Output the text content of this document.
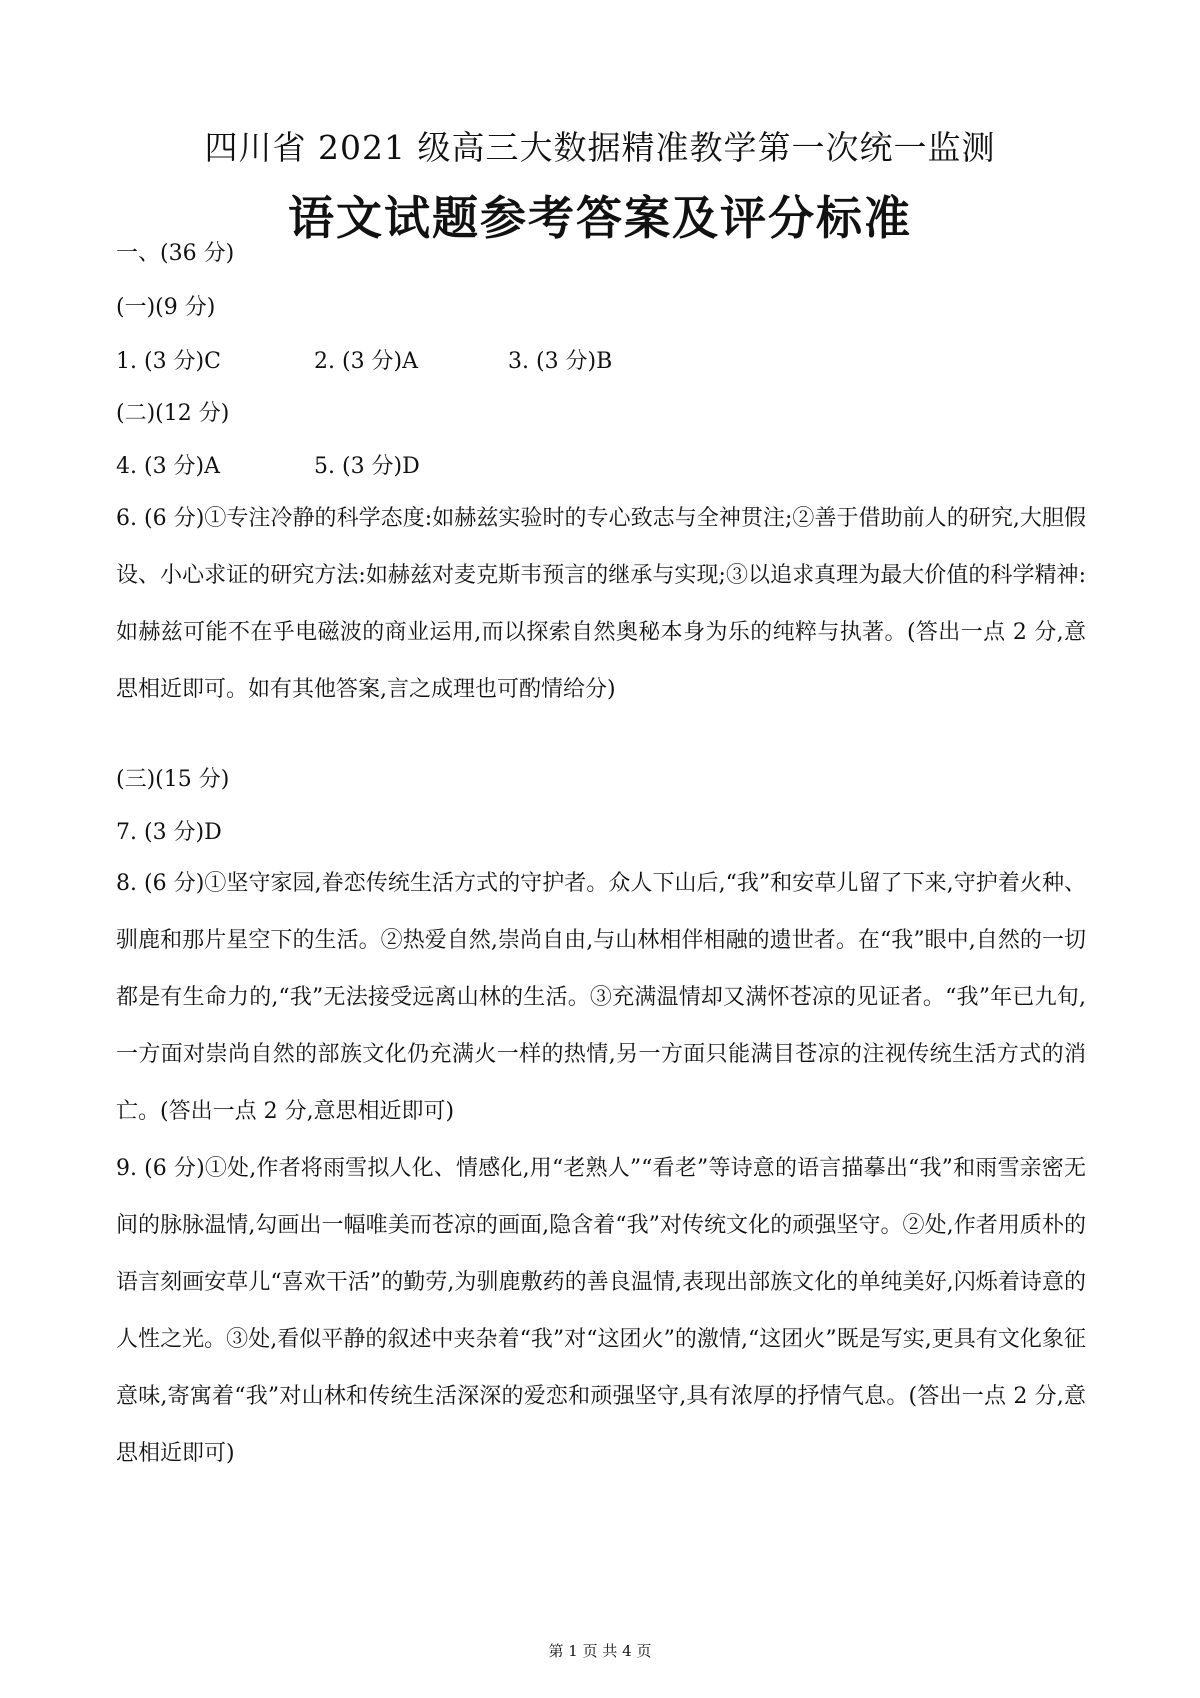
四川省 2021 级高三大数据精准教学第一次统一监测
语文试题参考答案及评分标准
一、(36 分)
(一)(9 分)
1. (3 分)C	2. (3 分)A	3. (3 分)B
(二)(12 分)
4. (3 分)A	5. (3 分)D
6. (6 分)①专注冷静的科学态度:如赫兹实验时的专心致志与全神贯注;②善于借助前人的研究,大胆假设、小心求证的研究方法:如赫兹对麦克斯韦预言的继承与实现;③以追求真理为最大价值的科学精神:如赫兹可能不在乎电磁波的商业运用,而以探索自然奥秘本身为乐的纯粹与执著。(答出一点 2 分,意思相近即可。如有其他答案,言之成理也可酌情给分)
(三)(15 分)
7. (3 分)D
8. (6 分)①坚守家园,眷恋传统生活方式的守护者。众人下山后,“我”和安草儿留了下来,守护着火种、驯鹿和那片星空下的生活。②热爱自然,崇尚自由,与山林相伴相融的遗世者。在“我”眼中,自然的一切都是有生命力的,“我”无法接受远离山林的生活。③充满温情却又满怀苍凉的见证者。“我”年已九旬,一方面对崇尚自然的部族文化仍充满火一样的热情,另一方面只能满目苍凉的注视传统生活方式的消亡。(答出一点 2 分,意思相近即可)
9. (6 分)①处,作者将雨雪拟人化、情感化,用“老熟人”“看老”等诗意的语言描摹出“我”和雨雪亲密无间的脉脉温情,勾画出一幅唯美而苍凉的画面,隐含着“我”对传统文化的顽强坚守。②处,作者用质朴的语言刻画安草儿“喜欢干活”的勤劳,为驯鹿敷药的善良温情,表现出部族文化的单纯美好,闪烁着诗意的人性之光。③处,看似平静的叙述中夹杂着“我”对“这团火”的激情,“这团火”既是写实,更具有文化象征意味,寄寓着“我”对山林和传统生活深深的爱恋和顽强坚守,具有浓厚的抒情气息。(答出一点 2 分,意思相近即可)
第 1 页 共 4 页
